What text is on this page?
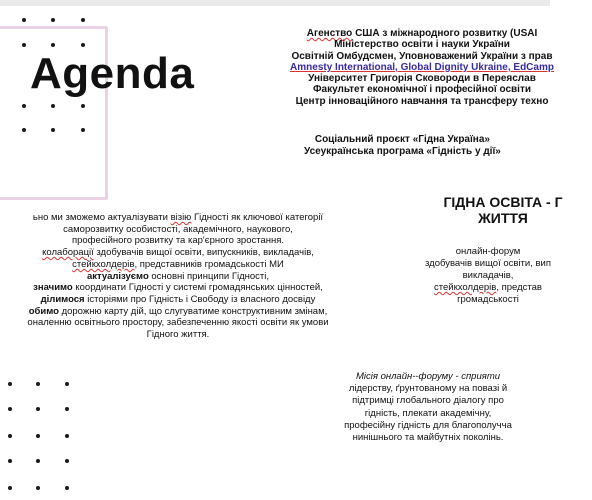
Agenda
Агенство США з міжнародного розвитку (USAI
Міністерство освіти і науки України
Освітній Омбудсмен, Уповноважений України з прав
Amnesty International, Global Dignity Ukraine, EdCamp
Університет Григорія Сковороди в Переяслав
Факультет економічної і професійної освіти
Центр інноваційного навчання та трансферу техно
Соціальний проєкт «Гідна Україна»
Усеукраїнська програма «Гідність у дії»
ьно ми зможемо актуалізувати візію Гідності як ключової категорії
саморозвитку особистості, академічного, наукового,
професійного розвитку та кар'єрного зростання.
колаборації здобувачів вищої освіти, випускників, викладачів,
стейкхолдерів, представників громадськості МИ
актуалізуємо основні принципи Гідності,
значимо координати Гідності у системі громадянських цінностей,
ділимося історіями про Гідність і Свободу із власного досвіду
обимо дорожню карту дій, що слугуватиме конструктивним змінам,
оналенню освітнього простору, забезпеченню якості освіти як умови
Гідного життя.
ГІДНА ОСВІТА - Г
ЖИТТЯ
онлайн-форум
здобувачів вищої освіти, вип
викладачів,
стейкхолдерів, представ
громадськості
Місія онлайн--форуму - сприяти
лідерству, ґрунтованому на повазі й
підтримці глобального діалогу про
гідність, плекати академічну,
професійну гідність для благополучча
нинішнього та майбутніх поколінь.
